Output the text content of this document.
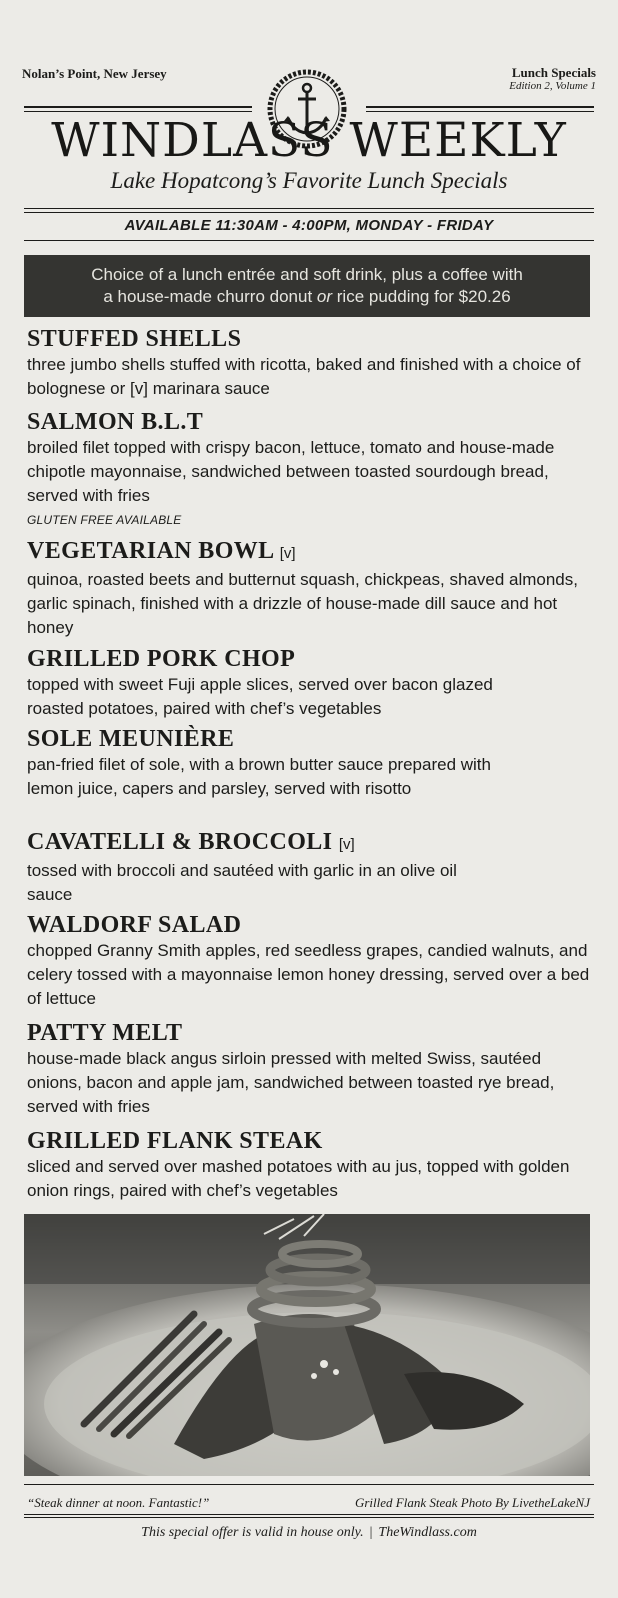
Nolan’s Point, New Jersey	Lunch Specials
Edition 2, Volume 1
WINDLASS WEEKLY
Lake Hopatcong’s Favorite Lunch Specials
AVAILABLE 11:30AM - 4:00PM, MONDAY - FRIDAY
Choice of a lunch entrée and soft drink, plus a coffee with
a house-made churro donut or rice pudding for $20.26
STUFFED SHELLS
three jumbo shells stuffed with ricotta, baked and finished with a choice of bolognese or [v] marinara sauce
SALMON B.L.T
broiled filet topped with crispy bacon, lettuce, tomato and house-made chipotle mayonnaise, sandwiched between toasted sourdough bread, served with fries
GLUTEN FREE AVAILABLE
VEGETARIAN BOWL [v]
quinoa, roasted beets and butternut squash, chickpeas, shaved almonds, garlic spinach, finished with a drizzle of house-made dill sauce and hot honey
GRILLED PORK CHOP
topped with sweet Fuji apple slices, served over bacon glazed roasted potatoes, paired with chef’s vegetables
SOLE MEUNIÈRE
pan-fried filet of sole, with a brown butter sauce prepared with lemon juice, capers and parsley, served with risotto
CAVATELLI & BROCCOLI [v]
tossed with broccoli and sautéed with garlic in an olive oil sauce
WALDORF SALAD
chopped Granny Smith apples, red seedless grapes, candied walnuts, and celery tossed with a mayonnaise lemon honey dressing, served over a bed of lettuce
PATTY MELT
house-made black angus sirloin pressed with melted Swiss, sautéed onions, bacon and apple jam, sandwiched between toasted rye bread, served with fries
GRILLED FLANK STEAK
sliced and served over mashed potatoes with au jus, topped with golden onion rings, paired with chef’s vegetables
“Steak dinner at noon. Fantastic!”	Grilled Flank Steak Photo By LivetheLakeNJ
This special offer is valid in house only. | TheWindlass.com
